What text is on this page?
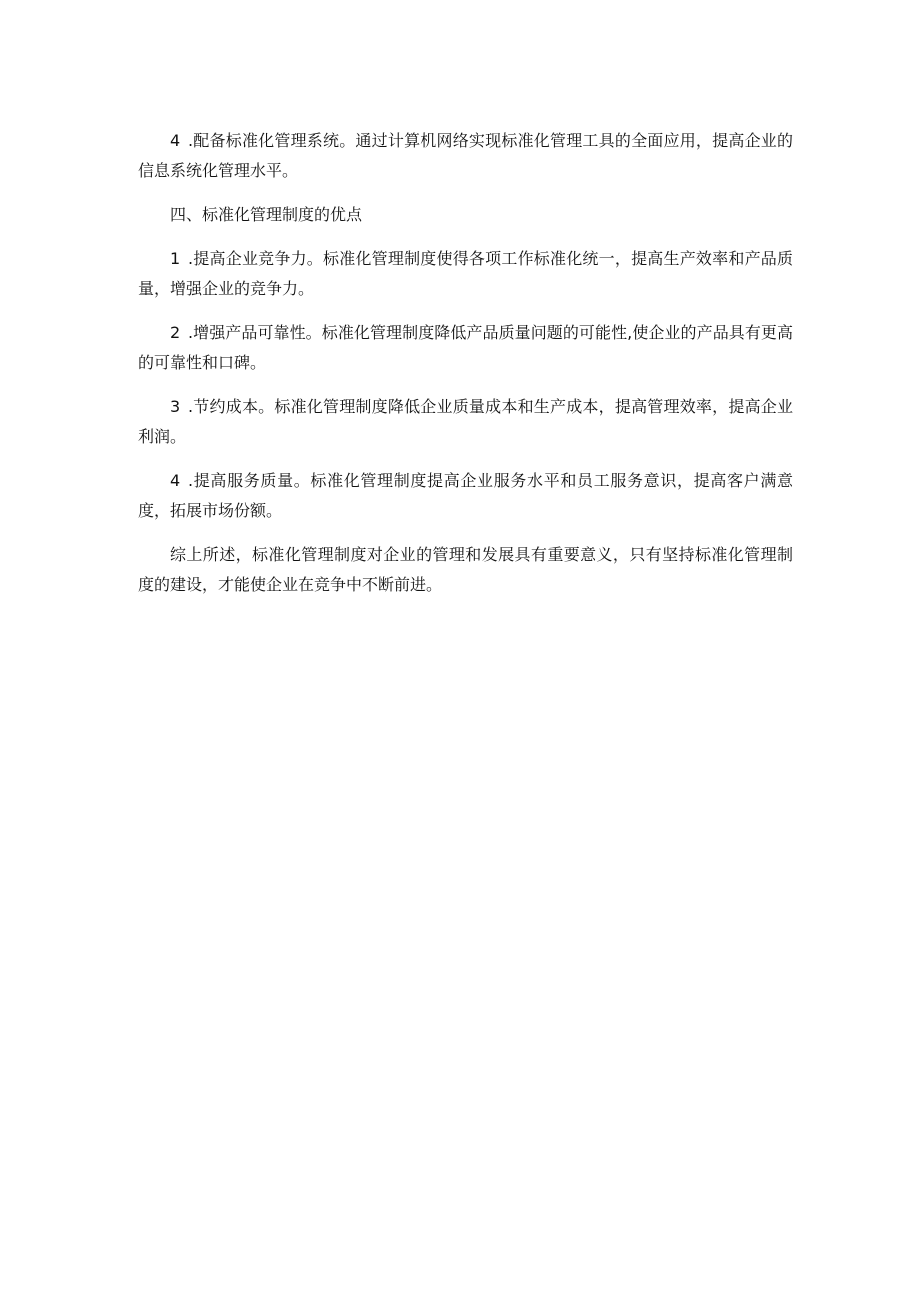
4 .配备标准化管理系统。通过计算机网络实现标准化管理工具的全面应用，提高企业的信息系统化管理水平。

四、标准化管理制度的优点

1 .提高企业竞争力。标准化管理制度使得各项工作标准化统一，提高生产效率和产品质量，增强企业的竞争力。

2 .增强产品可靠性。标准化管理制度降低产品质量问题的可能性,使企业的产品具有更高的可靠性和口碑。

3 .节约成本。标准化管理制度降低企业质量成本和生产成本，提高管理效率，提高企业利润。

4 .提高服务质量。标准化管理制度提高企业服务水平和员工服务意识，提高客户满意度，拓展市场份额。

综上所述，标准化管理制度对企业的管理和发展具有重要意义，只有坚持标准化管理制度的建设，才能使企业在竞争中不断前进。
